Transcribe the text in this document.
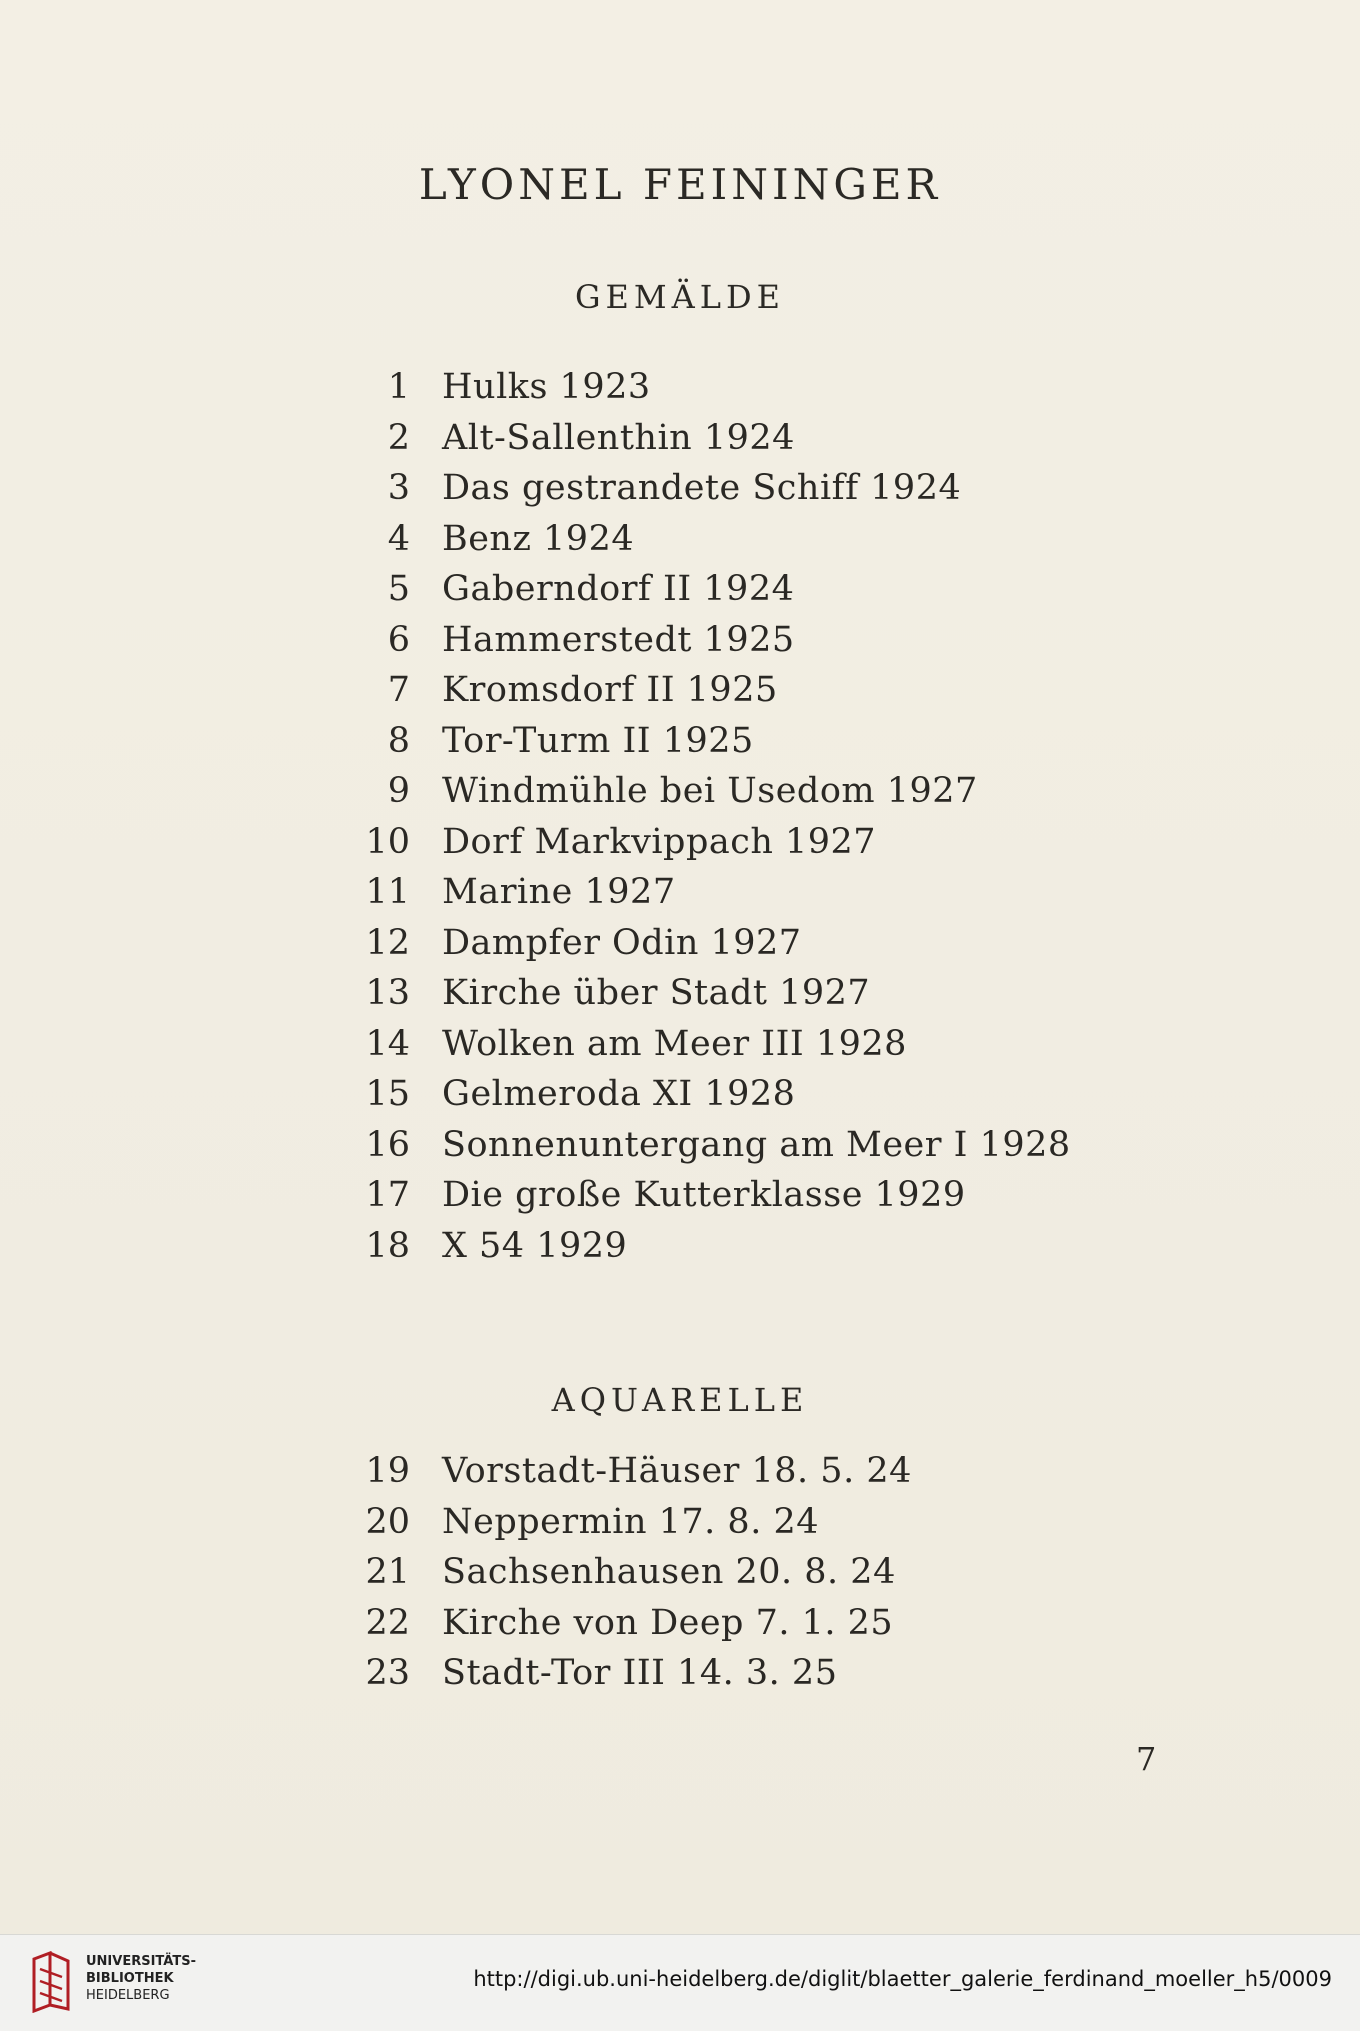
LYONEL FEININGER
GEMÄLDE
1 Hulks 1923
2 Alt-Sallenthin 1924
3 Das gestrandete Schiff 1924
4 Benz 1924
5 Gaberndorf II 1924
6 Hammerstedt 1925
7 Kromsdorf II 1925
8 Tor-Turm II 1925
9 Windmühle bei Usedom 1927
10 Dorf Markvippach 1927
11 Marine 1927
12 Dampfer Odin 1927
13 Kirche über Stadt 1927
14 Wolken am Meer III 1928
15 Gelmeroda XI 1928
16 Sonnenuntergang am Meer I 1928
17 Die große Kutterklasse 1929
18 X 54 1929
AQUARELLE
19 Vorstadt-Häuser 18. 5. 24
20 Neppermin 17. 8. 24
21 Sachsenhausen 20. 8. 24
22 Kirche von Deep 7. 1. 25
23 Stadt-Tor III 14. 3. 25
7
UNIVERSITÄTS-
BIBLIOTHEK
HEIDELBERG
http://digi.ub.uni-heidelberg.de/diglit/blaetter_galerie_ferdinand_moeller_h5/0009
